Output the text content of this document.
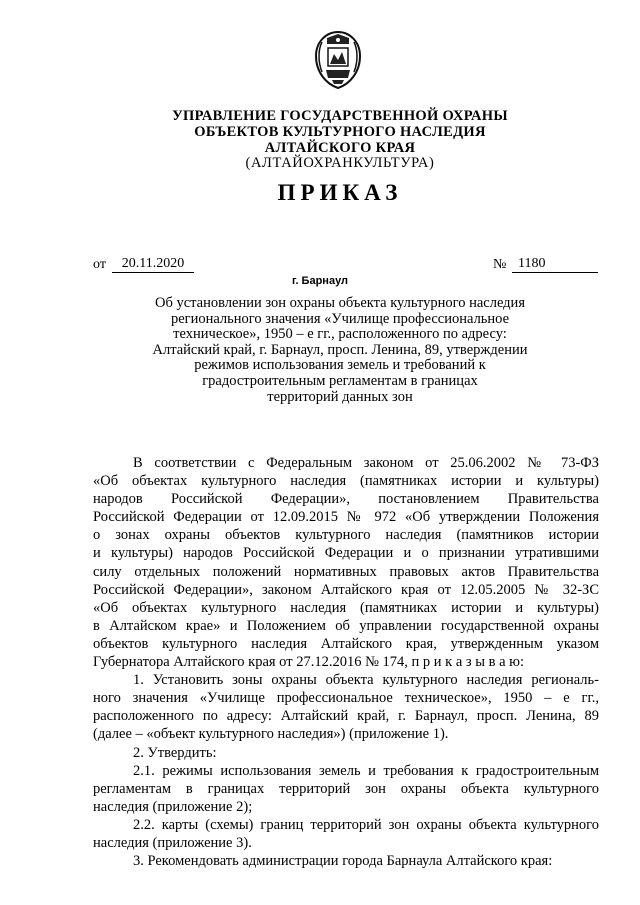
УПРАВЛЕНИЕ ГОСУДАРСТВЕННОЙ ОХРАНЫ
ОБЪЕКТОВ КУЛЬТУРНОГО НАСЛЕДИЯ
АЛТАЙСКОГО КРАЯ
(АЛТАЙОХРАНКУЛЬТУРА)
ПРИКАЗ
от	20.11.2020	№ 1180
г. Барнаул
Об установлении зон охраны объекта культурного наследия
регионального значения «Училище профессиональное
техническое», 1950 – е гг., расположенного по адресу:
Алтайский край, г. Барнаул, просп. Ленина, 89, утверждении
режимов использования земель и требований к
градостроительным регламентам в границах
территорий данных зон
В соответствии с Федеральным законом от 25.06.2002 № 73-ФЗ
«Об объектах культурного наследия (памятниках истории и культуры)
народов Российской Федерации», постановлением Правительства
Российской Федерации от 12.09.2015 № 972 «Об утверждении Положения
о зонах охраны объектов культурного наследия (памятников истории
и культуры) народов Российской Федерации и о признании утратившими
силу отдельных положений нормативных правовых актов Правительства
Российской Федерации», законом Алтайского края от 12.05.2005 № 32-ЗС
«Об объектах культурного наследия (памятниках истории и культуры)
в Алтайском крае» и Положением об управлении государственной охраны
объектов культурного наследия Алтайского края, утвержденным указом
Губернатора Алтайского края от 27.12.2016 № 174, п р и к а з ы в а ю:
1. Установить зоны охраны объекта культурного наследия региональ-
ного значения «Училище профессиональное техническое», 1950 – е гг.,
расположенного по адресу: Алтайский край, г. Барнаул, просп. Ленина, 89
(далее – «объект культурного наследия») (приложение 1).
2. Утвердить:
2.1. режимы использования земель и требования к градостроительным
регламентам в границах территорий зон охраны объекта культурного
наследия (приложение 2);
2.2. карты (схемы) границ территорий зон охраны объекта культурного
наследия (приложение 3).
3. Рекомендовать администрации города Барнаула Алтайского края:
